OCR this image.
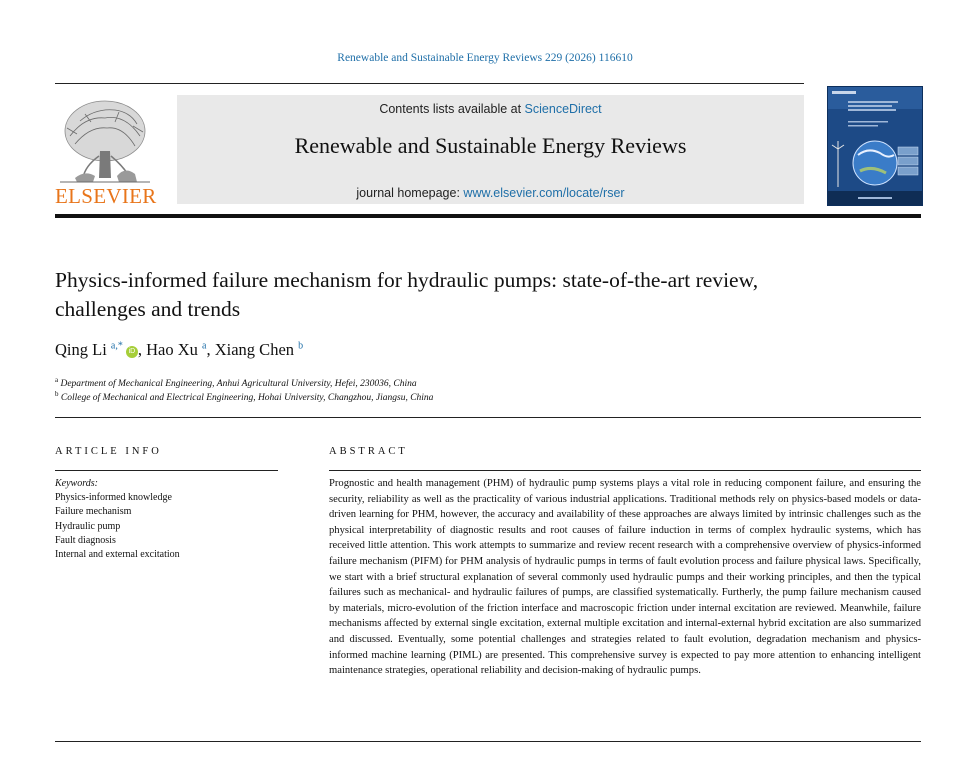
Renewable and Sustainable Energy Reviews 229 (2026) 116610
ELSEVIER
Contents lists available at ScienceDirect
Renewable and Sustainable Energy Reviews
journal homepage: www.elsevier.com/locate/rser
Physics-informed failure mechanism for hydraulic pumps: state-of-the-art review, challenges and trends
Qing Li $^{a,*}$ iD , Hao Xu $^a$, Xiang Chen $^b$
$^a$ Department of Mechanical Engineering, Anhui Agricultural University, Hefei, 230036, China
$^b$ College of Mechanical and Electrical Engineering, Hohai University, Changzhou, Jiangsu, China
ARTICLE INFO	ABSTRACT
Keywords:
Physics-informed knowledge
Failure mechanism
Hydraulic pump
Fault diagnosis
Internal and external excitation
Prognostic and health management (PHM) of hydraulic pump systems plays a vital role in reducing component failure, and ensuring the security, reliability as well as the practicality of various industrial applications. Traditional methods rely on physics-based models or data-driven learning for PHM, however, the accuracy and availability of these approaches are always limited by intrinsic challenges such as the physical interpretability of diagnostic results and root causes of failure induction in terms of complex hydraulic systems, which has received little attention. This work attempts to summarize and review recent research with a comprehensive overview of physics-informed failure mechanism (PIFM) for PHM analysis of hydraulic pumps in terms of fault evolution process and failure physical laws. Specifically, we start with a brief structural explanation of several commonly used hydraulic pumps and their working principles, and then the typical failures such as mechanical- and hydraulic failures of pumps, are classified systematically. Furtherly, the pump failure mechanism caused by materials, micro-evolution of the friction interface and macroscopic friction under internal excitation are reviewed. Meanwhile, failure mechanisms affected by external single excitation, external multiple excitation and internal-external hybrid excitation are also summarized and discussed. Eventually, some potential challenges and strategies related to fault evolution, degradation mechanism and physics-informed machine learning (PIML) are presented. This comprehensive survey is expected to pay more attention to enhancing intelligent maintenance strategies, operational reliability and decision-making of hydraulic pumps.
